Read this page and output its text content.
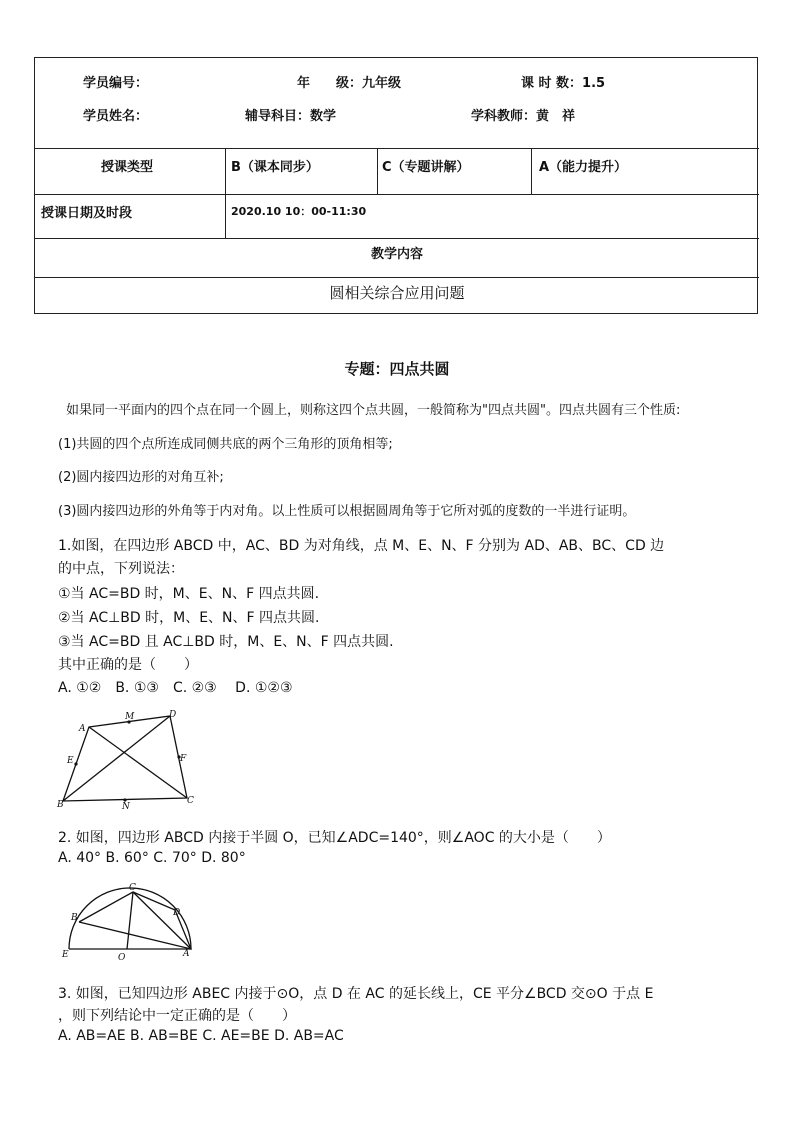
学员编号：	年　　级：九年级	课 时 数：1.5
学员姓名：	辅导科目：数学	学科教师：黄　祥
授课类型	B（课本同步）	C（专题讲解）	A（能力提升）
授课日期及时段	2020.10 10：00-11:30
教学内容
圆相关综合应用问题
专题：四点共圆
如果同一平面内的四个点在同一个圆上，则称这四个点共圆，一般简称为"四点共圆"。四点共圆有三个性质:
(1)共圆的四个点所连成同侧共底的两个三角形的顶角相等;
(2)圆内接四边形的对角互补;
(3)圆内接四边形的外角等于内对角。以上性质可以根据圆周角等于它所对弧的度数的一半进行证明。
1.如图，在四边形 ABCD 中，AC、BD 为对角线，点 M、E、N、F 分别为 AD、AB、BC、CD 边
的中点，下列说法：
①当 AC=BD 时，M、E、N、F 四点共圆.
②当 AC⊥BD 时，M、E、N、F 四点共圆.
③当 AC=BD 且 AC⊥BD 时，M、E、N、F 四点共圆.
其中正确的是（　　）
A. ①②　B. ①③　C. ②③　 D. ①②③
A
M	D
E	F
B	N
C
2. 如图，四边形 ABCD 内接于半圆 O，已知∠ADC=140°，则∠AOC 的大小是（　　）
A. 40° B. 60° C. 70° D. 80°
C
B	D
E	O	A
3. 如图，已知四边形 ABEC 内接于⊙O，点 D 在 AC 的延长线上，CE 平分∠BCD 交⊙O 于点 E
，则下列结论中一定正确的是（　　）
A. AB=AE B. AB=BE C. AE=BE D. AB=AC
